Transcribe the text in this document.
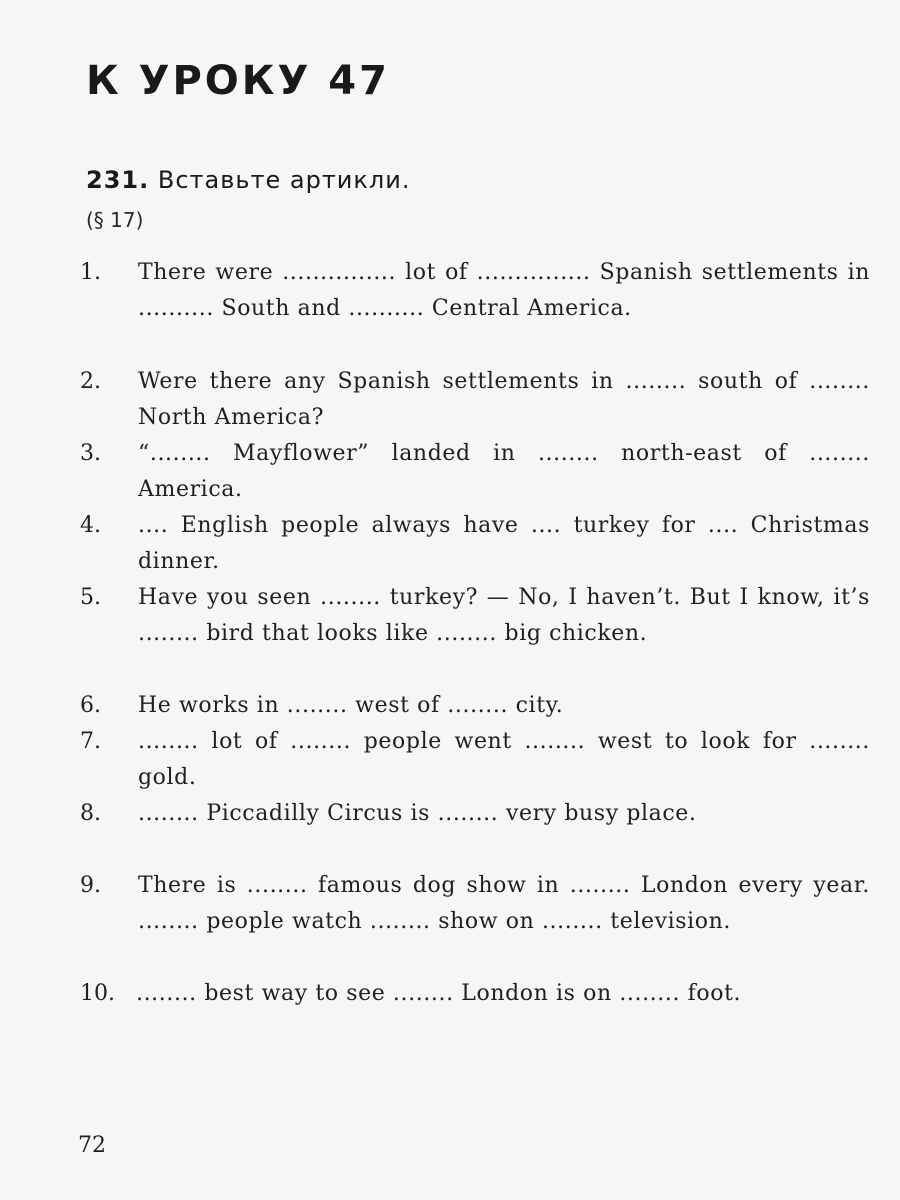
К УРОКУ 47
231. Вставьте артикли.
(§ 17)
1. There were ............... lot of ............... Spanish settlements in .......... South and .......... Central America.
2. Were there any Spanish settlements in ........ south of ........ North America?
3. “........ Mayflower” landed in ........ north-east of ........ America.
4. .... English people always have .... turkey for .... Christmas dinner.
5. Have you seen ........ turkey? — No, I haven’t. But I know, it’s ........ bird that looks like ........ big chicken.
6. He works in ........ west of ........ city.
7. ........ lot of ........ people went ........ west to look for ........ gold.
8. ........ Piccadilly Circus is ........ very busy place.
9. There is ........ famous dog show in ........ London every year. ........ people watch ........ show on ........ television.
10. ........ best way to see ........ London is on ........ foot.
72
